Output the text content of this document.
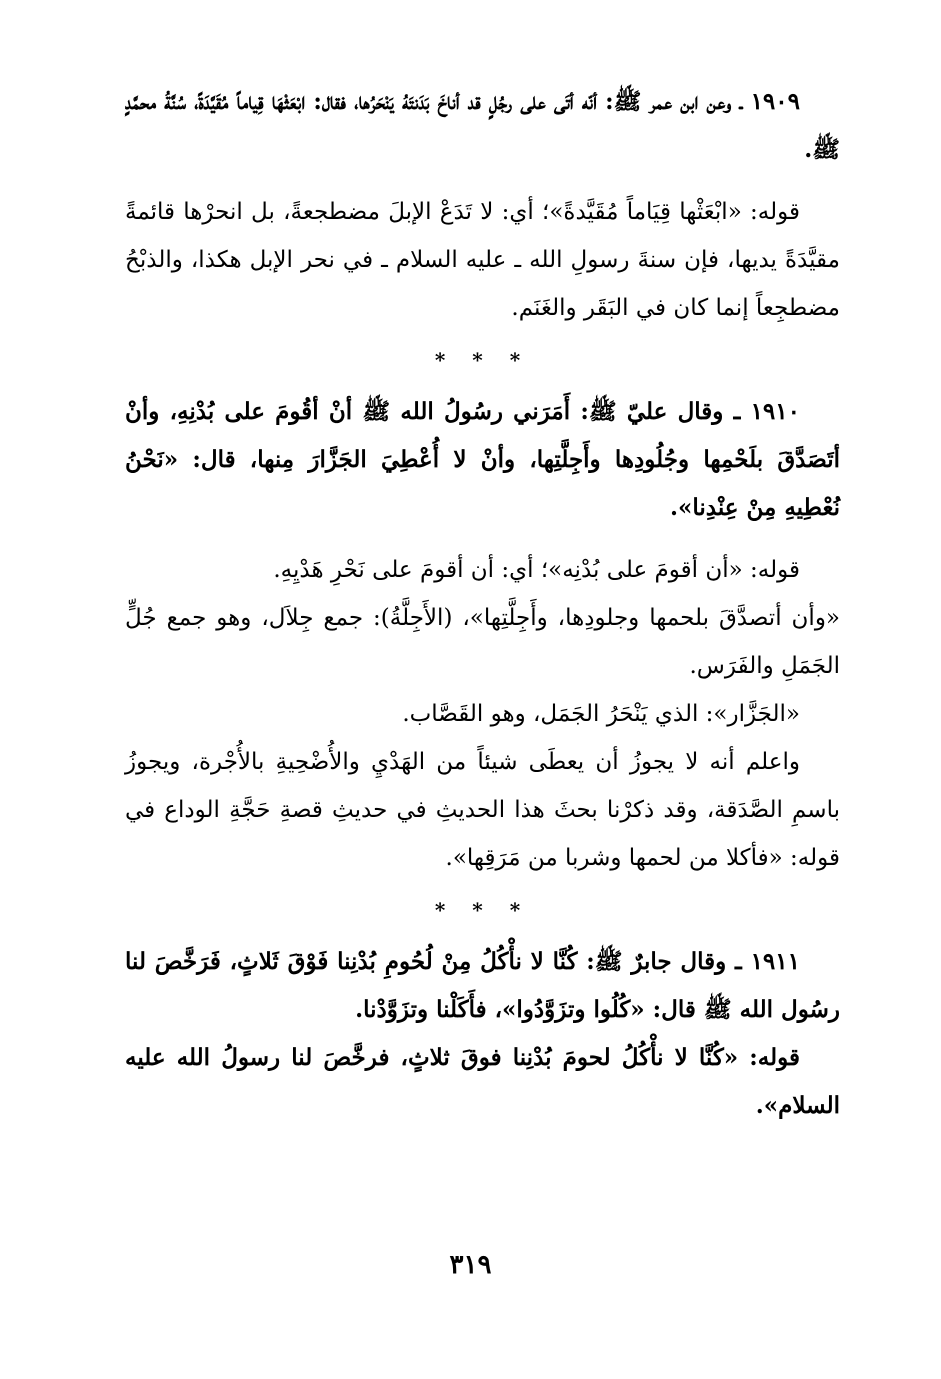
١٩٠٩ ـ وعن ابن عمر ﷺ: أنّه أتَى على رجُلٍ قد أناخَ بَدَنتَهُ يَنْحَرُها، فقال: ابْعَثْهَا قِياماً مُقَيَّدَةً، سُنَّةُ محمَّدٍ ﷺ.

قوله: «ابْعَثْها قِيَاماً مُقَيَّدةً»؛ أي: لا تَدَعْ الإبلَ مضطجعةً، بل انحرْها قائمةً مقيَّدَةً يديها، فإن سنةَ رسولِ الله ـ عليه السلام ـ في نحر الإبل هكذا، والذبْحُ مضطجِعاً إنما كان في البَقَر والغَنَم.

* * *

١٩١٠ ـ وقال عليّ ﷺ: أَمَرَني رسُولُ الله ﷺ أنْ أقُومَ على بُدْنِهِ، وأنْ أتَصَدَّقَ بلَحْمِها وجُلُودِها وأَجِلَّتِها، وأنْ لا أُعْطِيَ الجَزَّارَ مِنها، قال: «نَحْنُ نُعْطِيهِ مِنْ عِنْدِنا».

قوله: «أن أقومَ على بُدْنِه»؛ أي: أن أقومَ على نَحْرِ هَدْيِهِ.

«وأن أتصدَّقَ بلحمها وجلودِها، وأَجِلَّتِها»، (الأَجِلَّةُ): جمع جِلاَل، وهو جمع جُلٍّ الجَمَلِ والفَرَس.

«الجَزَّار»: الذي يَنْحَرُ الجَمَل، وهو القَصَّاب.

واعلم أنه لا يجوزُ أن يعطَى شيئاً من الهَدْيِ والأُضْحِيةِ بالأُجْرة، ويجوزُ باسمِ الصَّدَقة، وقد ذكرْنا بحثَ هذا الحديثِ في حديثِ قصةِ حَجَّةِ الوداع في قوله: «فأكلا من لحمها وشربا من مَرَقِها».

* * *

١٩١١ ـ وقال جابرٌ ﷺ: كُنَّا لا نأْكُلُ مِنْ لُحُومِ بُدْنِنا فَوْقَ ثَلاثٍ، فَرَخَّصَ لنا رسُول الله ﷺ قال: «كُلُوا وتزَوَّدُوا»، فأَكَلْنا وتزَوَّدْنا.

قوله: «كُنَّا لا نأْكُلُ لحومَ بُدْنِنا فوقَ ثلاثٍ، فرخَّصَ لنا رسولُ الله عليه السلام».

٣١٩
